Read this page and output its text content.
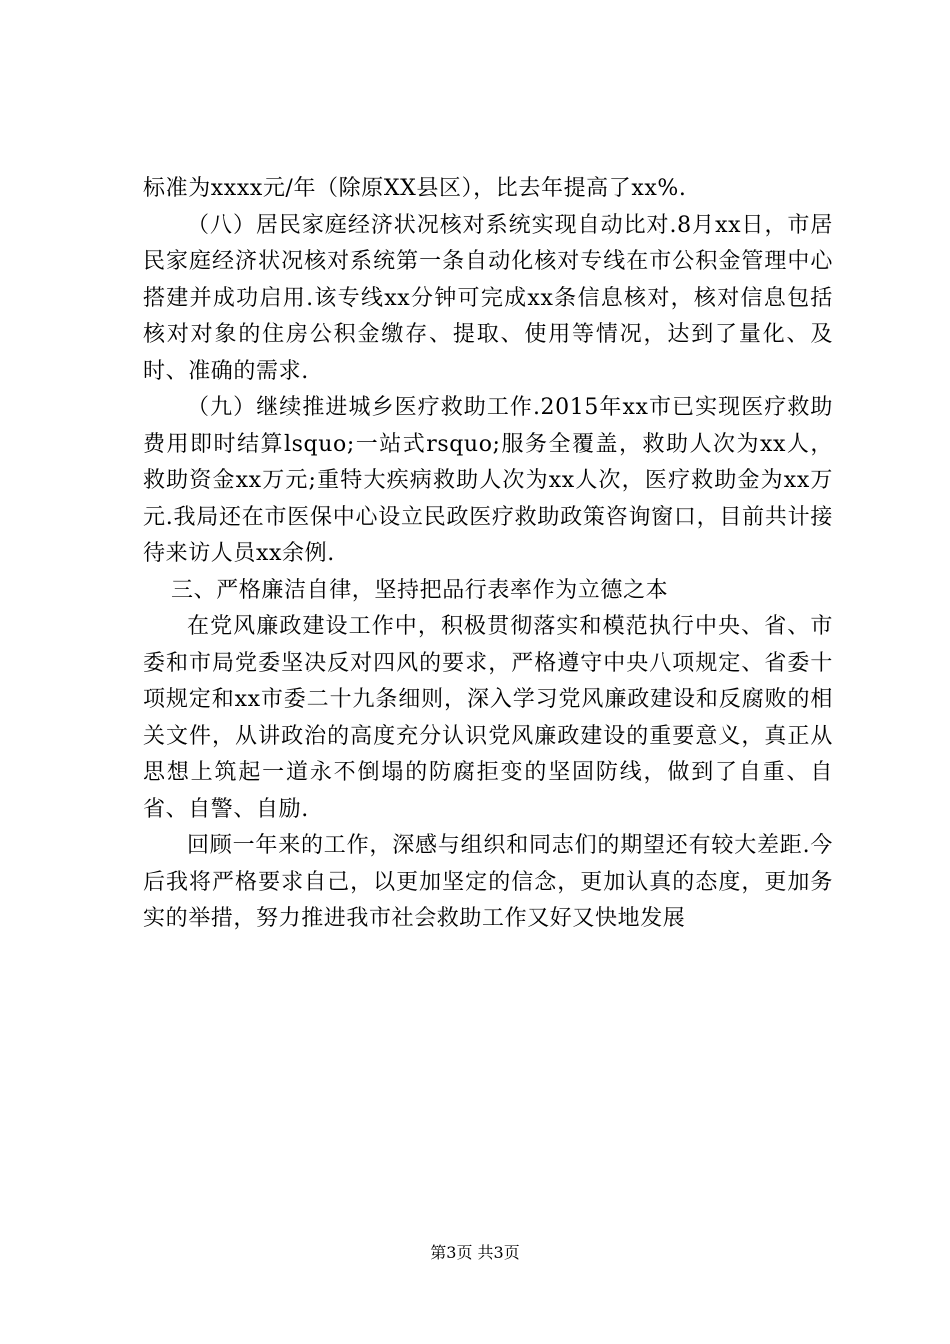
标准为xxxx元/年（除原XX县区），比去年提高了xx%.

（八）居民家庭经济状况核对系统实现自动比对.8月xx日，市居民家庭经济状况核对系统第一条自动化核对专线在市公积金管理中心搭建并成功启用.该专线xx分钟可完成xx条信息核对，核对信息包括核对对象的住房公积金缴存、提取、使用等情况，达到了量化、及时、准确的需求.

（九）继续推进城乡医疗救助工作.2015年xx市已实现医疗救助费用即时结算lsquo;一站式rsquo;服务全覆盖，救助人次为xx人，救助资金xx万元;重特大疾病救助人次为xx人次，医疗救助金为xx万元.我局还在市医保中心设立民政医疗救助政策咨询窗口，目前共计接待来访人员xx余例.

三、严格廉洁自律，坚持把品行表率作为立德之本

在党风廉政建设工作中，积极贯彻落实和模范执行中央、省、市委和市局党委坚决反对四风的要求，严格遵守中央八项规定、省委十项规定和xx市委二十九条细则，深入学习党风廉政建设和反腐败的相关文件，从讲政治的高度充分认识党风廉政建设的重要意义，真正从思想上筑起一道永不倒塌的防腐拒变的坚固防线，做到了自重、自省、自警、自励.

回顾一年来的工作，深感与组织和同志们的期望还有较大差距.今后我将严格要求自己，以更加坚定的信念，更加认真的态度，更加务实的举措，努力推进我市社会救助工作又好又快地发展

第3页 共3页
